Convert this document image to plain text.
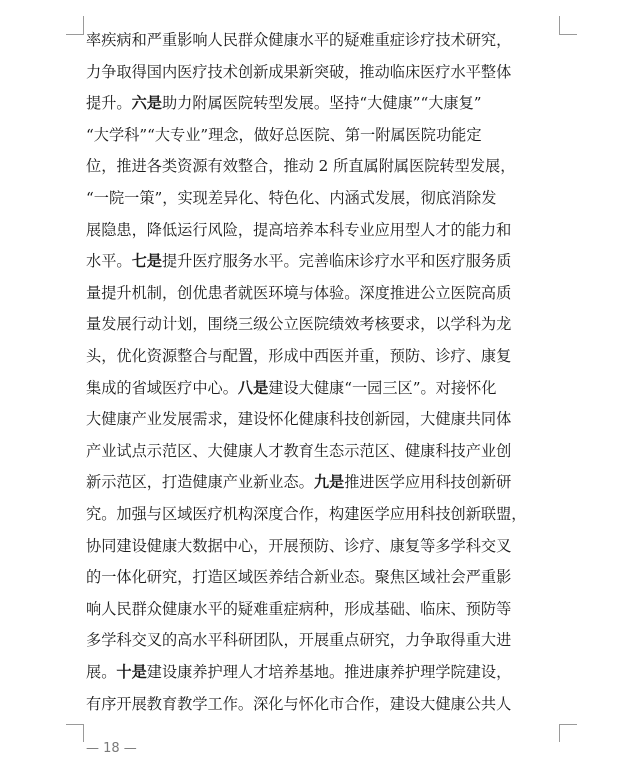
率疾病和严重影响人民群众健康水平的疑难重症诊疗技术研究，
力争取得国内医疗技术创新成果新突破，推动临床医疗水平整体
提升。六是助力附属医院转型发展。坚持“大健康”“大康复”
“大学科”“大专业”理念，做好总医院、第一附属医院功能定
位，推进各类资源有效整合，推动 2 所直属附属医院转型发展，
“一院一策”，实现差异化、特色化、内涵式发展，彻底消除发
展隐患，降低运行风险，提高培养本科专业应用型人才的能力和
水平。七是提升医疗服务水平。完善临床诊疗水平和医疗服务质
量提升机制，创优患者就医环境与体验。深度推进公立医院高质
量发展行动计划，围绕三级公立医院绩效考核要求，以学科为龙
头，优化资源整合与配置，形成中西医并重，预防、诊疗、康复
集成的省域医疗中心。八是建设大健康“一园三区”。对接怀化
大健康产业发展需求，建设怀化健康科技创新园，大健康共同体
产业试点示范区、大健康人才教育生态示范区、健康科技产业创
新示范区，打造健康产业新业态。九是推进医学应用科技创新研
究。加强与区域医疗机构深度合作，构建医学应用科技创新联盟，
协同建设健康大数据中心，开展预防、诊疗、康复等多学科交叉
的一体化研究，打造区域医养结合新业态。聚焦区域社会严重影
响人民群众健康水平的疑难重症病种，形成基础、临床、预防等
多学科交叉的高水平科研团队，开展重点研究，力争取得重大进
展。十是建设康养护理人才培养基地。推进康养护理学院建设，
有序开展教育教学工作。深化与怀化市合作，建设大健康公共人
— 18 —
